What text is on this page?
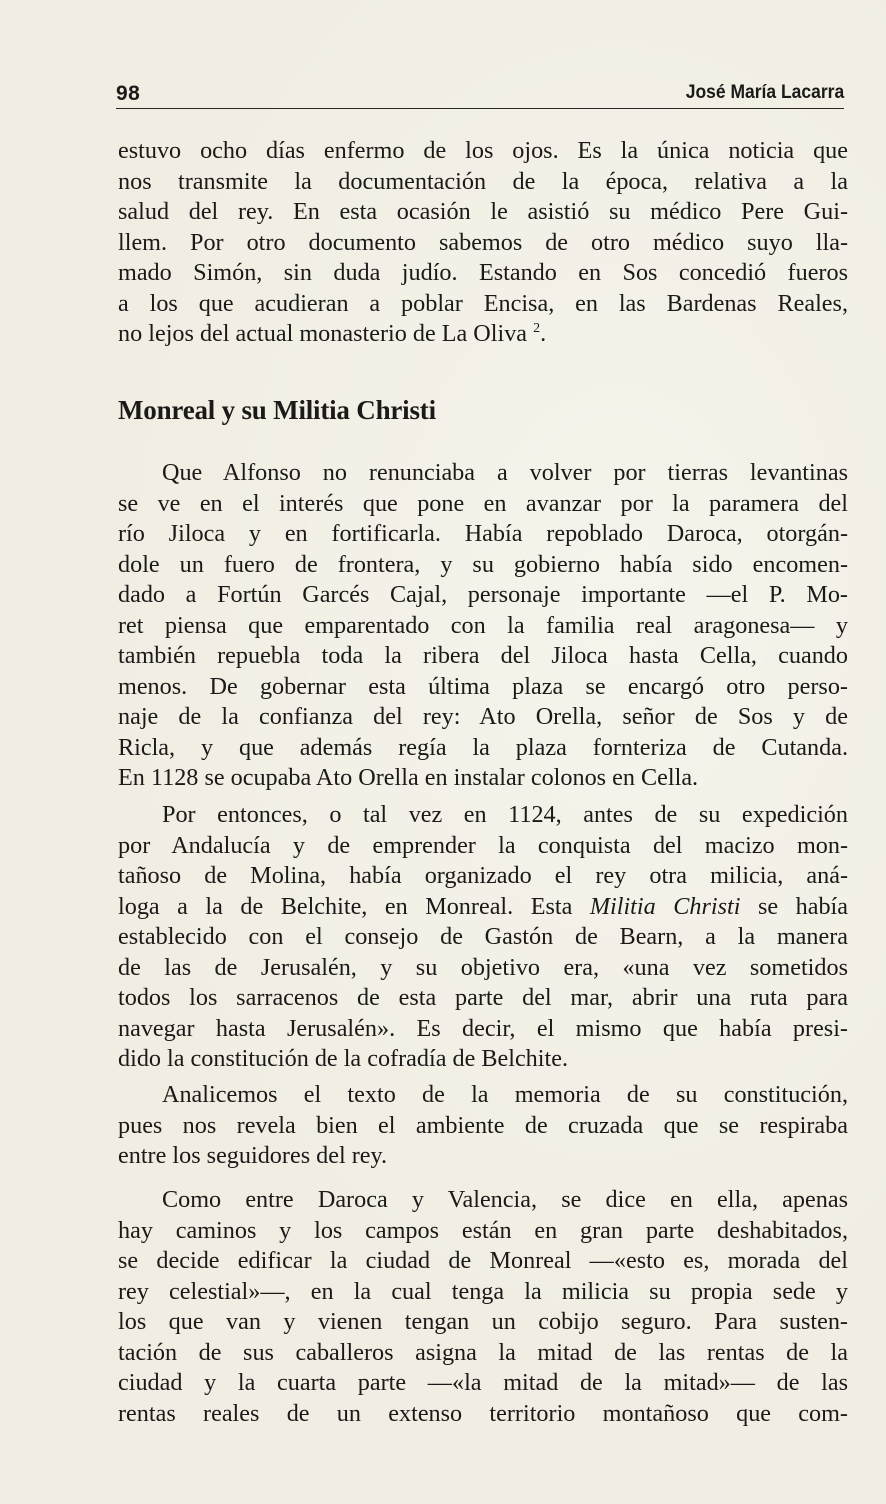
98	José María Lacarra
estuvo ocho días enfermo de los ojos. Es la única noticia que
nos transmite la documentación de la época, relativa a la
salud del rey. En esta ocasión le asistió su médico Pere Gui-
llem. Por otro documento sabemos de otro médico suyo lla-
mado Simón, sin duda judío. Estando en Sos concedió fueros
a los que acudieran a poblar Encisa, en las Bardenas Reales,
no lejos del actual monasterio de La Oliva $^2$.
Monreal y su Militia Christi
Que Alfonso no renunciaba a volver por tierras levantinas
se ve en el interés que pone en avanzar por la paramera del
río Jiloca y en fortificarla. Había repoblado Daroca, otorgán-
dole un fuero de frontera, y su gobierno había sido encomen-
dado a Fortún Garcés Cajal, personaje importante —el P. Mo-
ret piensa que emparentado con la familia real aragonesa— y
también repuebla toda la ribera del Jiloca hasta Cella, cuando
menos. De gobernar esta última plaza se encargó otro perso-
naje de la confianza del rey: Ato Orella, señor de Sos y de
Ricla, y que además regía la plaza fornteriza de Cutanda.
En 1128 se ocupaba Ato Orella en instalar colonos en Cella.
Por entonces, o tal vez en 1124, antes de su expedición
por Andalucía y de emprender la conquista del macizo mon-
tañoso de Molina, había organizado el rey otra milicia, aná-
loga a la de Belchite, en Monreal. Esta Militia Christi se había
establecido con el consejo de Gastón de Bearn, a la manera
de las de Jerusalén, y su objetivo era, «una vez sometidos
todos los sarracenos de esta parte del mar, abrir una ruta para
navegar hasta Jerusalén». Es decir, el mismo que había presi-
dido la constitución de la cofradía de Belchite.
Analicemos el texto de la memoria de su constitución,
pues nos revela bien el ambiente de cruzada que se respiraba
entre los seguidores del rey.
Como entre Daroca y Valencia, se dice en ella, apenas
hay caminos y los campos están en gran parte deshabitados,
se decide edificar la ciudad de Monreal —«esto es, morada del
rey celestial»—, en la cual tenga la milicia su propia sede y
los que van y vienen tengan un cobijo seguro. Para susten-
tación de sus caballeros asigna la mitad de las rentas de la
ciudad y la cuarta parte —«la mitad de la mitad»— de las
rentas reales de un extenso territorio montañoso que com-
